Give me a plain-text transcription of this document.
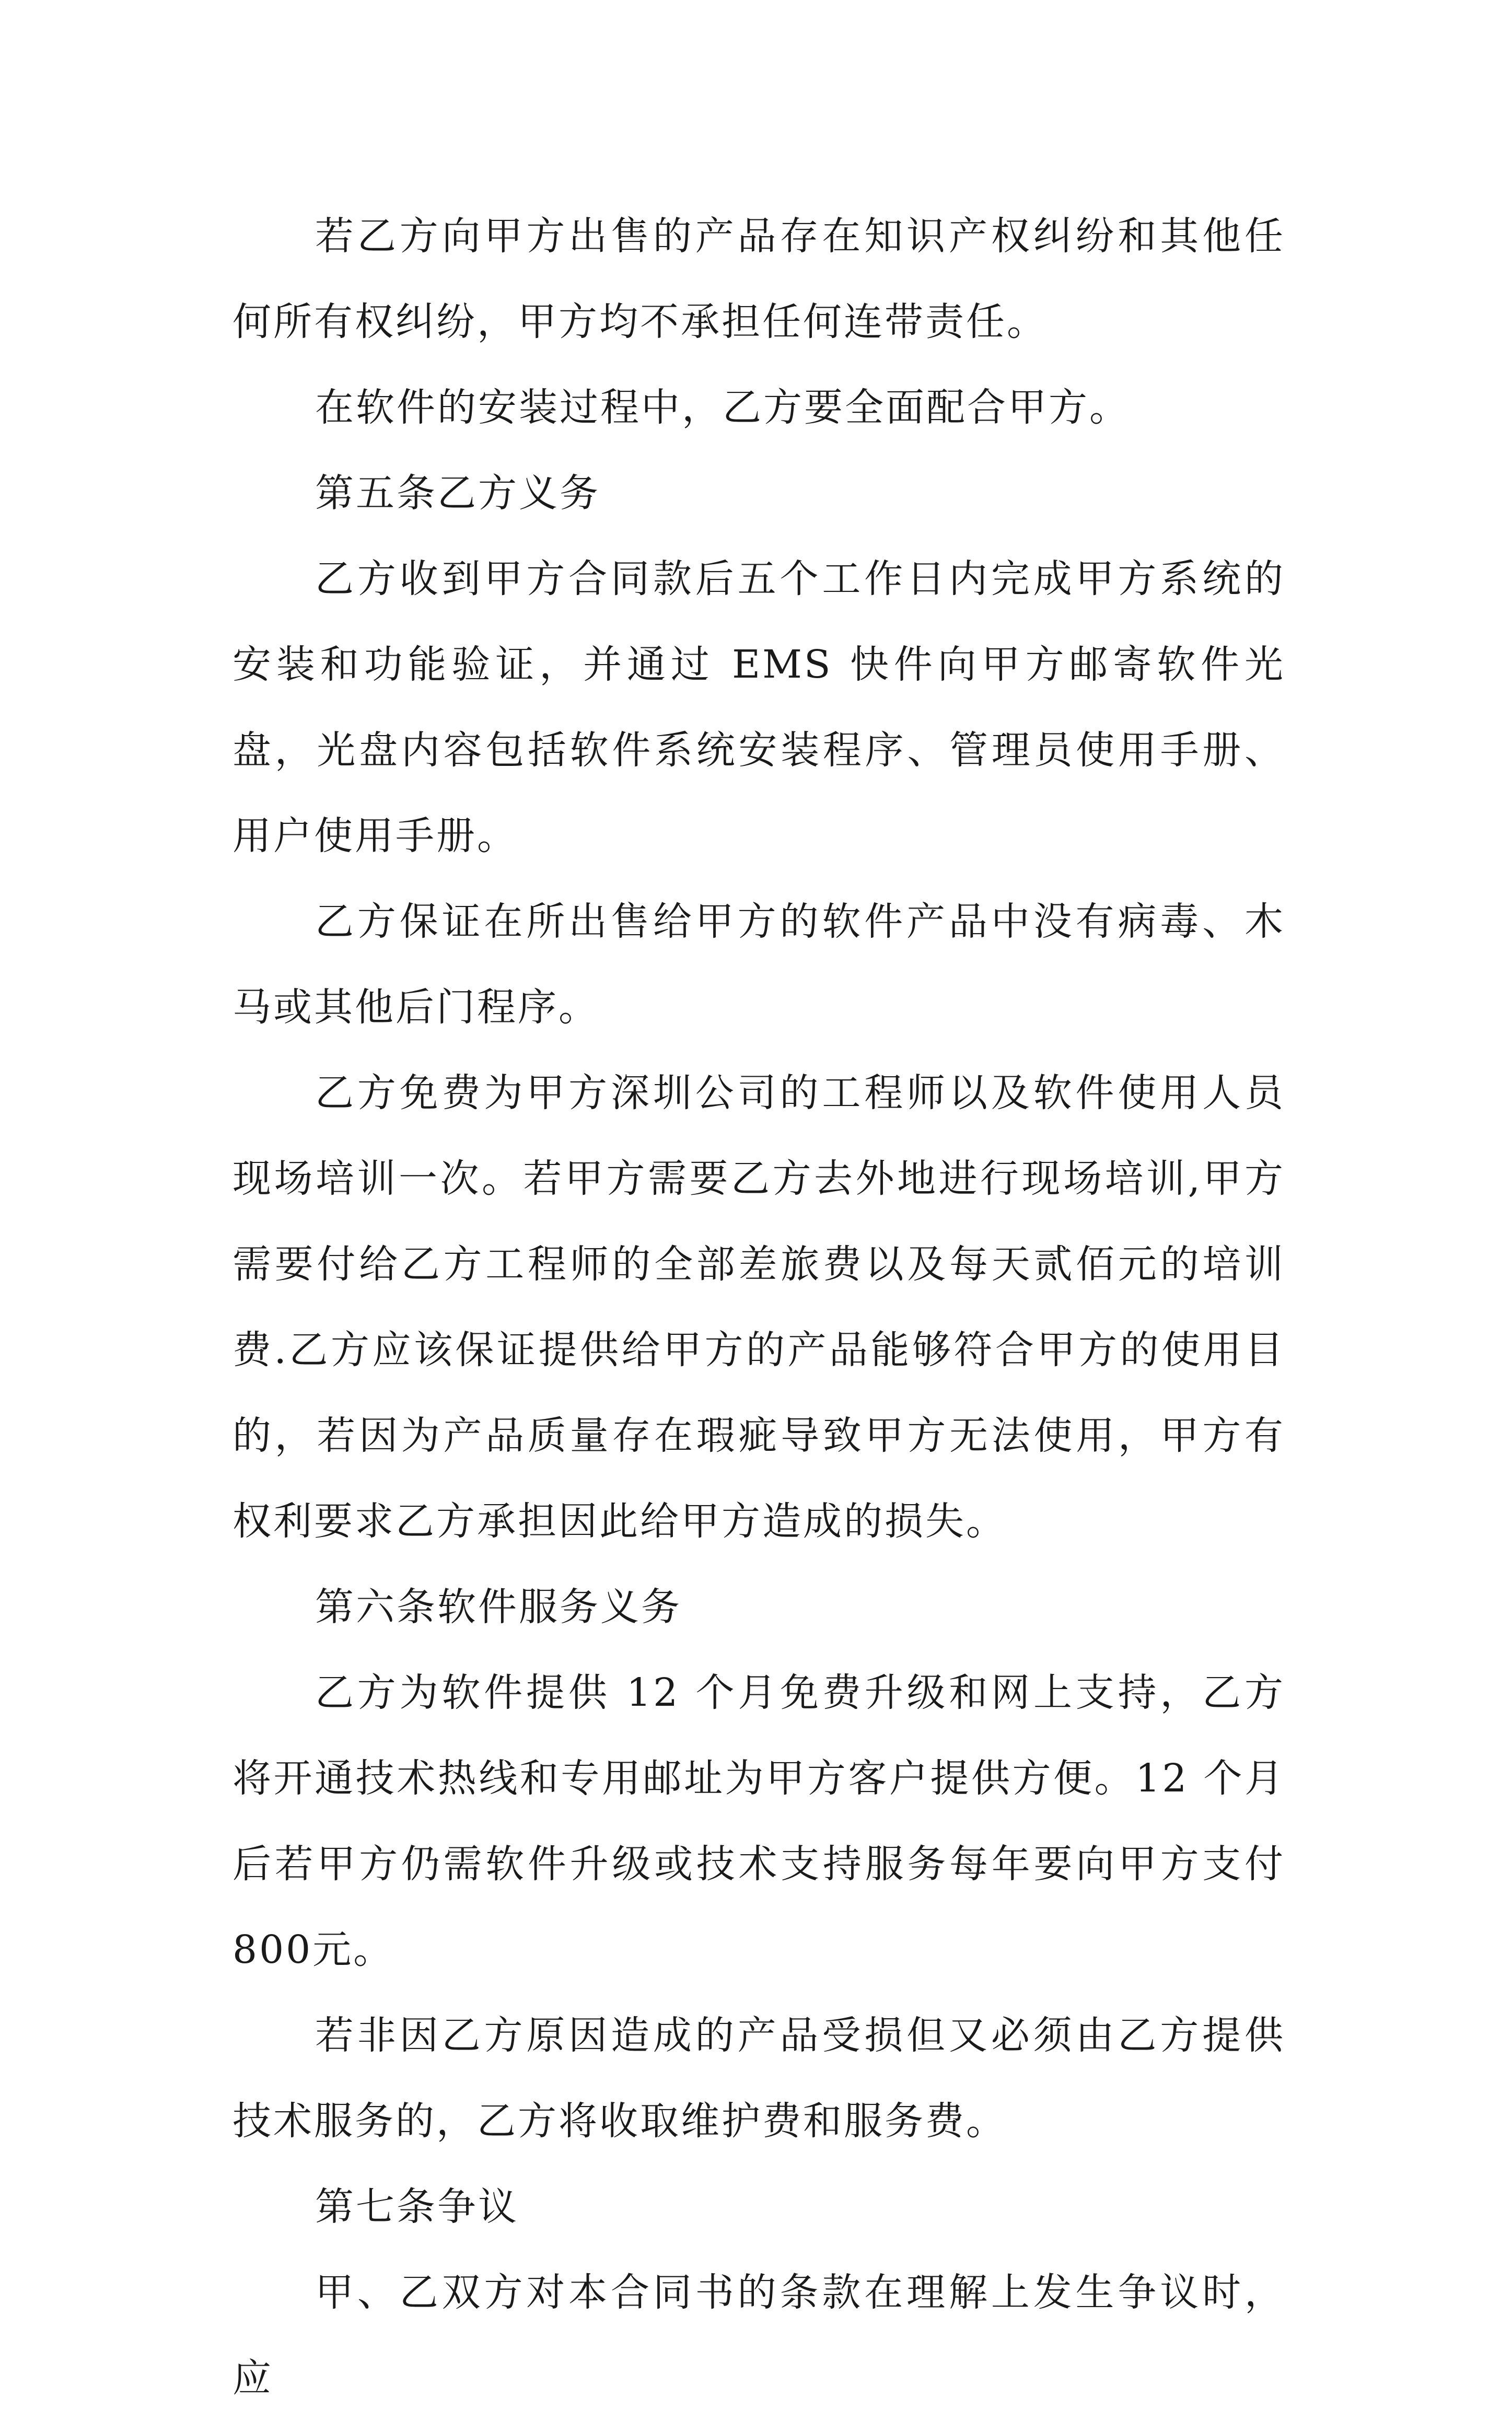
若乙方向甲方出售的产品存在知识产权纠纷和其他任何所有权纠纷，甲方均不承担任何连带责任。

在软件的安装过程中，乙方要全面配合甲方。

第五条乙方义务

乙方收到甲方合同款后五个工作日内完成甲方系统的安装和功能验证，并通过 EMS 快件向甲方邮寄软件光盘，光盘内容包括软件系统安装程序、管理员使用手册、用户使用手册。

乙方保证在所出售给甲方的软件产品中没有病毒、木马或其他后门程序。

乙方免费为甲方深圳公司的工程师以及软件使用人员现场培训一次。若甲方需要乙方去外地进行现场培训,甲方需要付给乙方工程师的全部差旅费以及每天贰佰元的培训费.乙方应该保证提供给甲方的产品能够符合甲方的使用目的，若因为产品质量存在瑕疵导致甲方无法使用，甲方有权利要求乙方承担因此给甲方造成的损失。

第六条软件服务义务

乙方为软件提供 12 个月免费升级和网上支持，乙方将开通技术热线和专用邮址为甲方客户提供方便。12 个月后若甲方仍需软件升级或技术支持服务每年要向甲方支付800元。

若非因乙方原因造成的产品受损但又必须由乙方提供技术服务的，乙方将收取维护费和服务费。

第七条争议

甲、乙双方对本合同书的条款在理解上发生争议时，应
